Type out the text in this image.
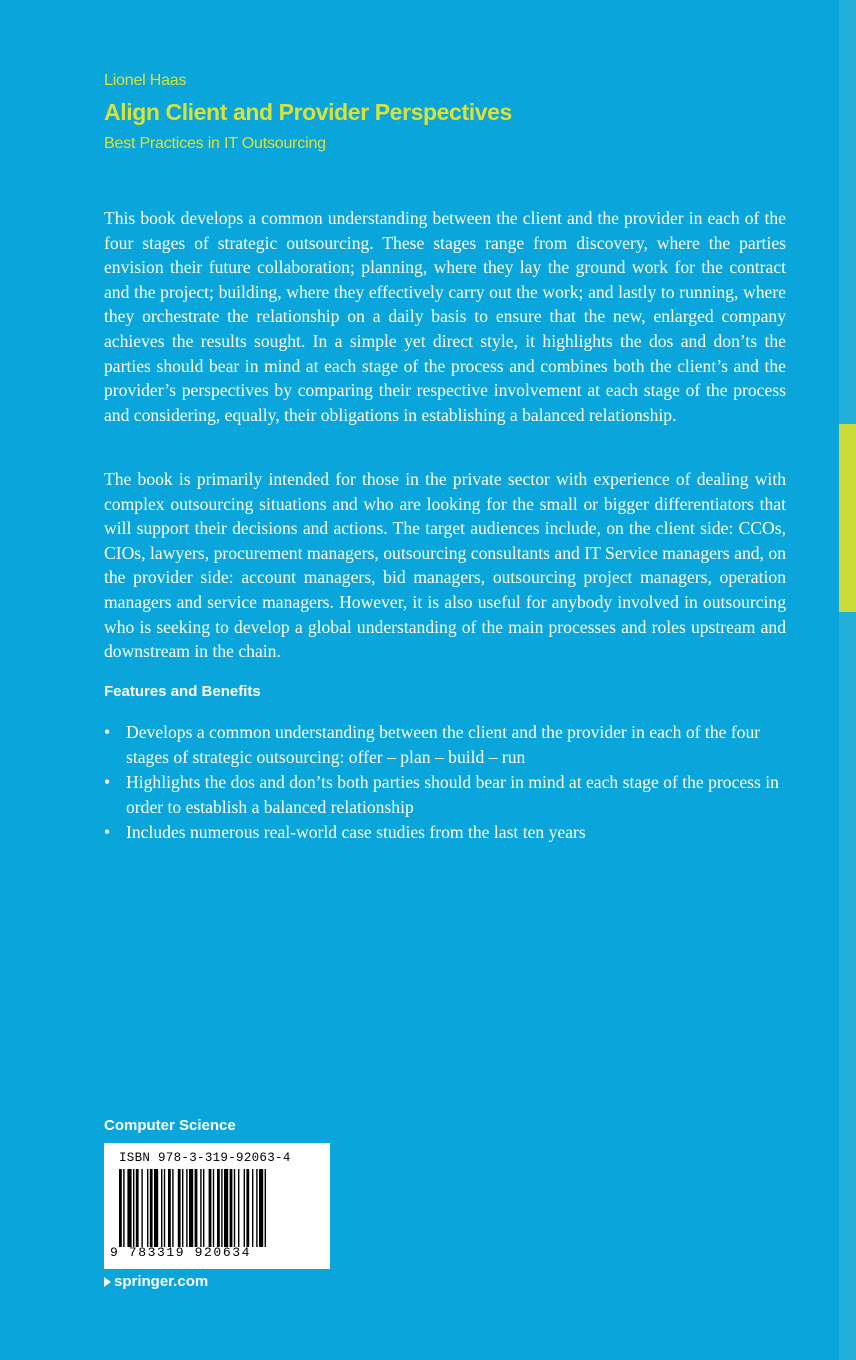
Lionel Haas
Align Client and Provider Perspectives
Best Practices in IT Outsourcing

This book develops a common understanding between the client and the provider in each of the four stages of strategic outsourcing. These stages range from discovery, where the parties envision their future collaboration; planning, where they lay the ground work for the contract and the project; building, where they effectively carry out the work; and lastly to running, where they orchestrate the relationship on a daily basis to ensure that the new, enlarged company achieves the results sought. In a simple yet direct style, it highlights the dos and don’ts the parties should bear in mind at each stage of the process and combines both the client’s and the provider’s perspectives by comparing their respective involvement at each stage of the process and considering, equally, their obligations in establishing a balanced relationship.

The book is primarily intended for those in the private sector with experience of dealing with complex outsourcing situations and who are looking for the small or bigger differentiators that will support their decisions and actions. The target audiences include, on the client side: CCOs, CIOs, lawyers, procurement managers, outsourcing consultants and IT Service managers and, on the provider side: account managers, bid managers, outsourcing project managers, operation managers and service managers. However, it is also useful for anybody involved in outsourcing who is seeking to develop a global understanding of the main processes and roles upstream and downstream in the chain.

Features and Benefits
• Develops a common understanding between the client and the provider in each of the four stages of strategic outsourcing: offer – plan – build – run
• Highlights the dos and don’ts both parties should bear in mind at each stage of the process in order to establish a balanced relationship
• Includes numerous real-world case studies from the last ten years
Computer Science
ISBN 978-3-319-92063-4
9 783319 920634
springer.com
